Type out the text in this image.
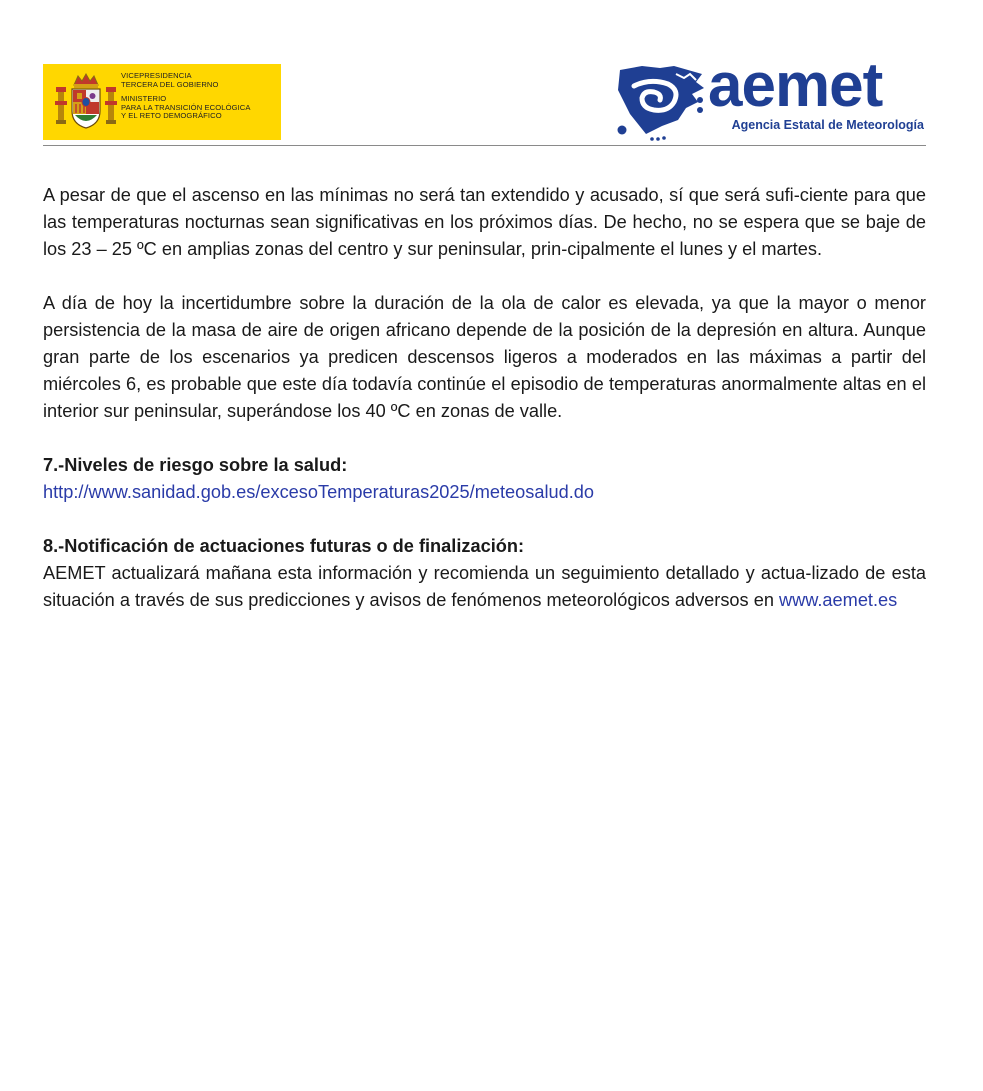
VICEPRESIDENCIA
TERCERA DEL GOBIERNO
MINISTERIO
PARA LA TRANSICIÓN ECOLÓGICA
Y EL RETO DEMOGRÁFICO	aemet
Agencia Estatal de Meteorología

A pesar de que el ascenso en las mínimas no será tan extendido y acusado, sí que será sufi-ciente para que las temperaturas nocturnas sean significativas en los próximos días. De hecho, no se espera que se baje de los 23 – 25 ºC en amplias zonas del centro y sur peninsular, prin-cipalmente el lunes y el martes.

A día de hoy la incertidumbre sobre la duración de la ola de calor es elevada, ya que la mayor o menor persistencia de la masa de aire de origen africano depende de la posición de la depresión en altura. Aunque gran parte de los escenarios ya predicen descensos ligeros a moderados en las máximas a partir del miércoles 6, es probable que este día todavía continúe el episodio de temperaturas anormalmente altas en el interior sur peninsular, superándose los 40 ºC en zonas de valle.

7.-Niveles de riesgo sobre la salud:
http://www.sanidad.gob.es/excesoTemperaturas2025/meteosalud.do
8.-Notificación de actuaciones futuras o de finalización:

AEMET actualizará mañana esta información y recomienda un seguimiento detallado y actua-lizado de esta situación a través de sus predicciones y avisos de fenómenos meteorológicos adversos en www.aemet.es
